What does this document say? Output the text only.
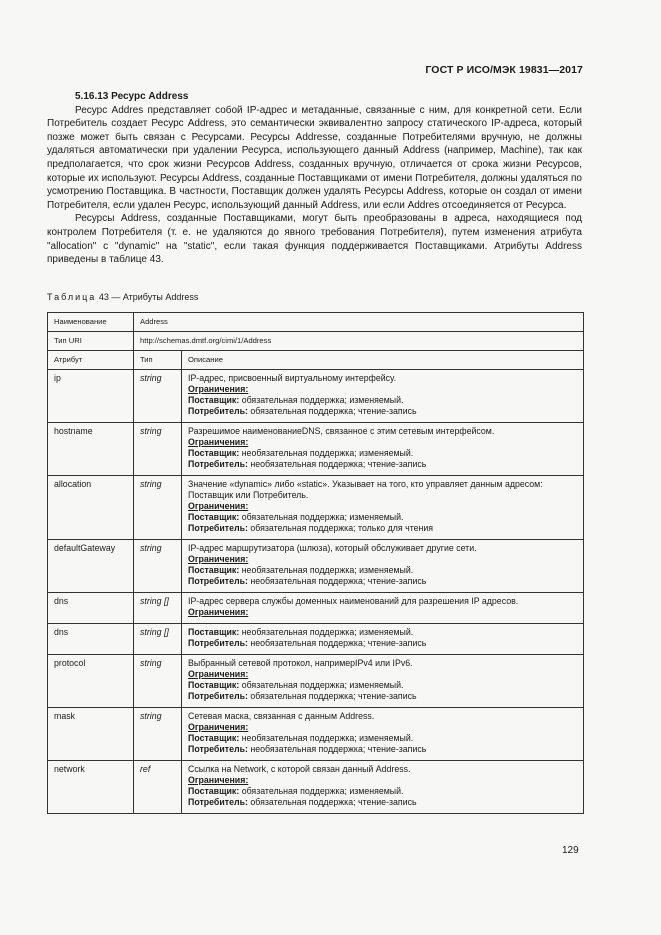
ГОСТ Р ИСО/МЭК 19831—2017

5.16.13 Ресурс Address

Ресурс Addres представляет собой IP-адрес и метаданные, связанные с ним, для конкретной сети. Если Потребитель создает Ресурс Address, это семантически эквивалентно запросу статического IP-адреса, который позже может быть связан с Ресурсами. Ресурсы Addresse, созданные Потребителями вручную, не должны удаляться автоматически при удалении Ресурса, использующего данный Address (например, Machine), так как предполагается, что срок жизни Ресурсов Address, созданных вручную, отличается от срока жизни Ресурсов, которые их используют. Ресурсы Address, созданные Поставщиками от имени Потребителя, должны удаляться по усмотрению Поставщика. В частности, Поставщик должен удалять Ресурсы Address, которые он создал от имени Потребителя, если удален Ресурс, использующий данный Address, или если Addres отсоединяется от Ресурса.

Ресурсы Address, созданные Поставщиками, могут быть преобразованы в адреса, находящиеся под контролем Потребителя (т. е. не удаляются до явного требования Потребителя), путем изменения атрибута "allocation" с "dynamic" на "static", если такая функция поддерживается Поставщиками. Атрибуты Address приведены в таблице 43.

Таблица 43 — Атрибуты Address
Наименование	Address	
Тип URI	http://schemas.dmtf.org/cimi/1/Address	
Атрибут	Тип	Описание
ip	string	IP-адрес, присвоенный виртуальному интерфейсу.
Ограничения:
Поставщик: обязательная поддержка; изменяемый.
Потребитель: обязательная поддержка; чтение-запись

hostname	string	Разрешимое наименованиеDNS, связанное с этим сетевым интерфейсом.
Ограничения:
Поставщик: необязательная поддержка; изменяемый.
Потребитель: необязательная поддержка; чтение-запись

allocation	string	Значение «dynamic» либо «static». Указывает на того, кто управляет данным адресом: Поставщик или Потребитель.
Ограничения:
Поставщик: обязательная поддержка; изменяемый.
Потребитель: обязательная поддержка; только для чтения

defaultGateway	string	IP-адрес маршрутизатора (шлюза), который обслуживает другие сети.
Ограничения:
Поставщик: необязательная поддержка; изменяемый.
Потребитель: необязательная поддержка; чтение-запись

dns	string []	IP-адрес сервера службы доменных наименований для разрешения IP адресов.
Ограничения:

dns	string []	Поставщик: необязательная поддержка; изменяемый.
Потребитель: необязательная поддержка; чтение-запись

protocol	string	Выбранный сетевой протокол, напримерIPv4 или IPv6.
Ограничения:
Поставщик: обязательная поддержка; изменяемый.
Потребитель: обязательная поддержка; чтение-запись

mask	string	Сетевая маска, связанная с данным Address.
Ограничения:
Поставщик: необязательная поддержка; изменяемый.
Потребитель: необязательная поддержка; чтение-запись

network	ref	Ссылка на Network, с которой связан данный Address.
Ограничения:
Поставщик: обязательная поддержка; изменяемый.
Потребитель: обязательная поддержка; чтение-запись
129
